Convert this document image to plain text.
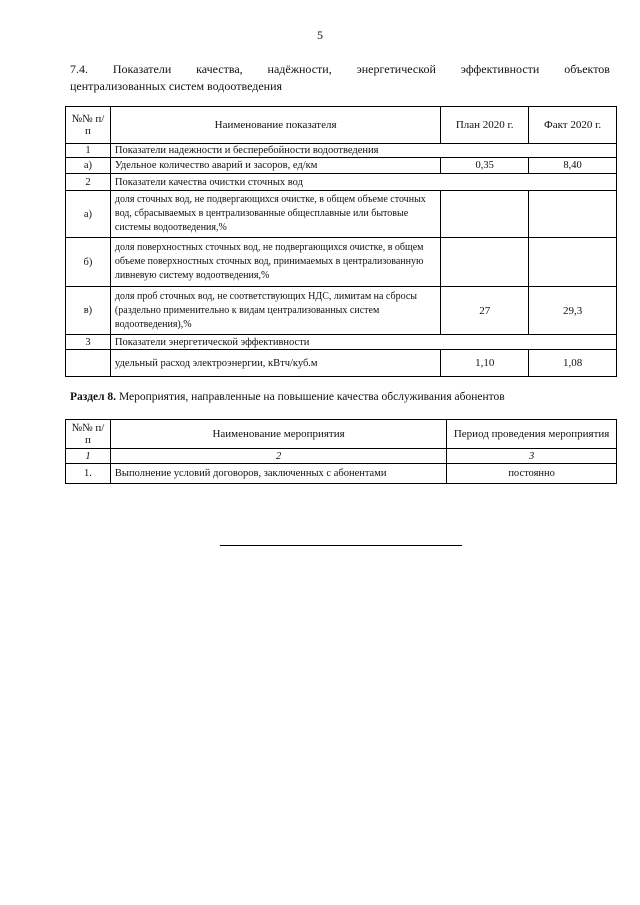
5
7.4. Показатели качества, надёжности, энергетической эффективности объектов
централизованных систем водоотведения
№№ п/п	Наименование показателя	План 2020 г.	Факт 2020 г.
1	Показатели надежности и бесперебойности водоотведения		
а)	Удельное количество аварий и засоров, ед/км	0,35	8,40
2	Показатели качества очистки сточных вод		
а)	доля сточных вод, не подвергающихся очистке, в общем объеме сточных вод, сбрасываемых в централизованные общесплавные или бытовые системы водоотведения,%		
б)	доля поверхностных сточных вод, не подвергающихся очистке, в общем объеме поверхностных сточных вод, принимаемых в централизованную ливневую систему водоотведения,%		
в)	доля проб сточных вод, не соответствующих НДС, лимитам на сбросы (раздельно применительно к видам централизованных систем водоотведения),%	27	29,3
3	Показатели энергетической эффективности		
	удельный расход электроэнергии, кВтч/куб.м	1,10	1,08
Раздел 8. Мероприятия, направленные на повышение качества обслуживания абонентов
№№ п/п	Наименование мероприятия	Период проведения мероприятия
1	2	3
1.	Выполнение условий договоров, заключенных с абонентами	постоянно
